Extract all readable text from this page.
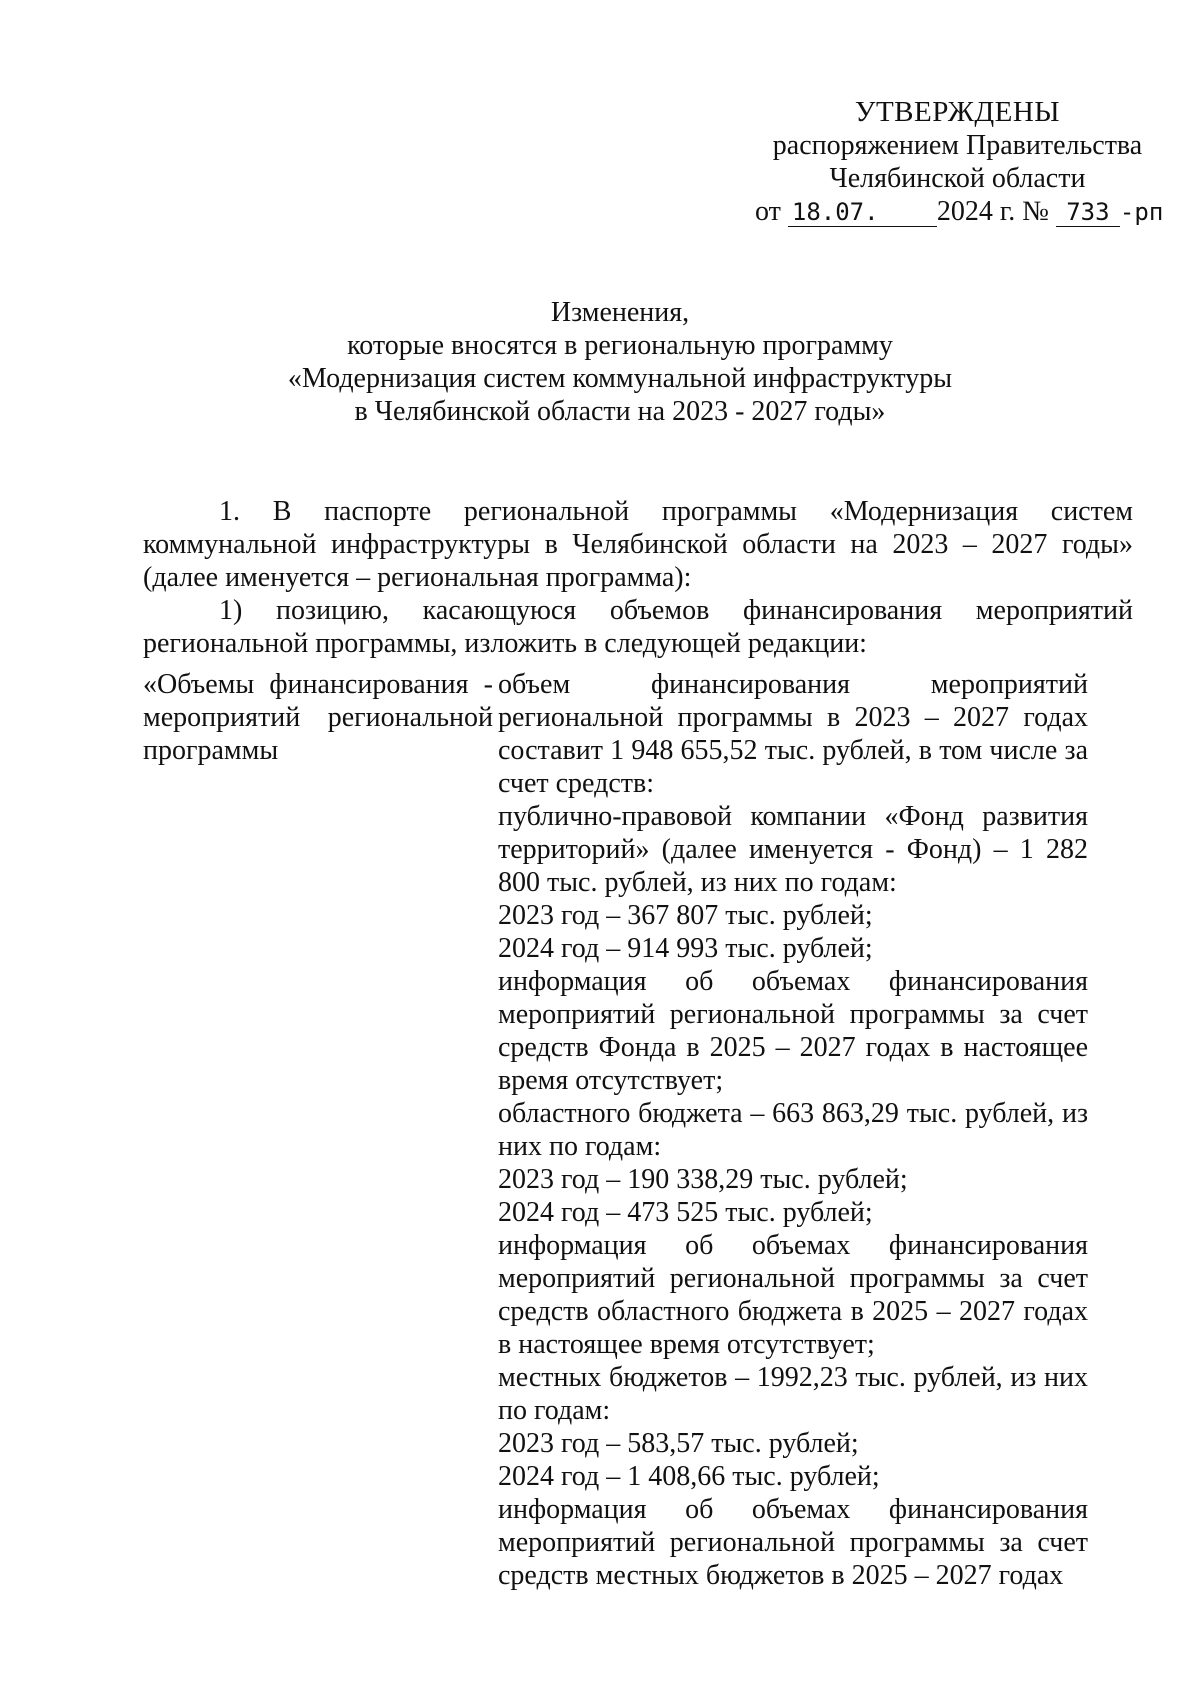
УТВЕРЖДЕНЫ
распоряжением Правительства
Челябинской области
от 18.07. 2024 г. № 733 -рп
Изменения,
которые вносятся в региональную программу
«Модернизация систем коммунальной инфраструктуры
в Челябинской области на 2023 - 2027 годы»

1. В паспорте региональной программы «Модернизация систем коммунальной инфраструктуры в Челябинской области на 2023 – 2027 годы» (далее именуется – региональная программа):

1) позицию, касающуюся объемов финансирования мероприятий региональной программы, изложить в следующей редакции:

«Объемы финансирования - мероприятий региональной программы

объем финансирования мероприятий региональной программы в 2023 – 2027 годах составит 1 948 655,52 тыс. рублей, в том числе за счет средств:

публично-правовой компании «Фонд развития территорий» (далее именуется - Фонд) – 1 282 800 тыс. рублей, из них по годам:

2023 год – 367 807 тыс. рублей;

2024 год – 914 993 тыс. рублей;

информация об объемах финансирования мероприятий региональной программы за счет средств Фонда в 2025 – 2027 годах в настоящее время отсутствует;

областного бюджета – 663 863,29 тыс. рублей, из них по годам:

2023 год – 190 338,29 тыс. рублей;

2024 год – 473 525 тыс. рублей;

информация об объемах финансирования мероприятий региональной программы за счет средств областного бюджета в 2025 – 2027 годах в настоящее время отсутствует;

местных бюджетов – 1992,23 тыс. рублей, из них по годам:

2023 год – 583,57 тыс. рублей;

2024 год – 1 408,66 тыс. рублей;

информация об объемах финансирования мероприятий региональной программы за счет средств местных бюджетов в 2025 – 2027 годах
